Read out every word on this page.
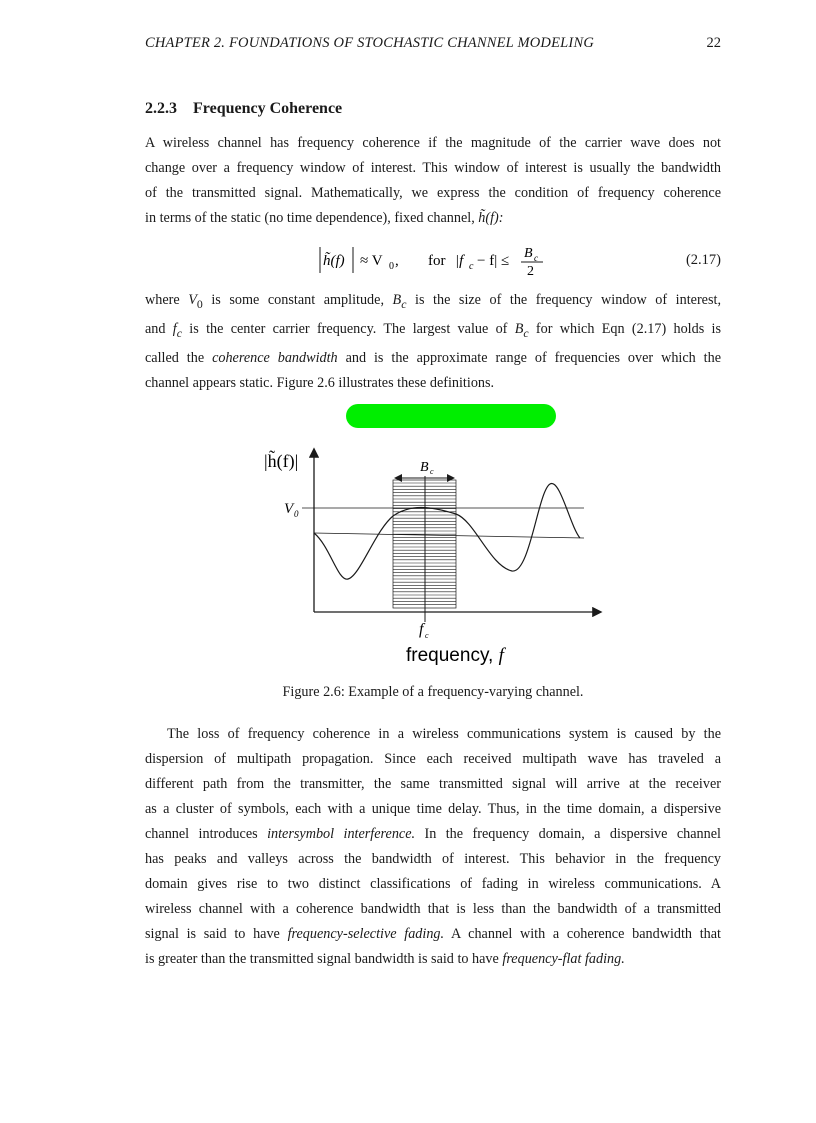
CHAPTER 2. FOUNDATIONS OF STOCHASTIC CHANNEL MODELING	22
2.2.3 Frequency Coherence

A wireless channel has frequency coherence if the magnitude of the carrier wave does not

change over a frequency window of interest. This window of interest is usually the bandwidth

of the transmitted signal. Mathematically, we express the condition of frequency coherence

in terms of the static (no time dependence), fixed channel, h̃(f):

h̃(f) ≈ V 0 , for |f c − f| ≤ B c
2
(2.17)

where $V_0$ is some constant amplitude, $B_c$ is the size of the frequency window of interest,

and $f_c$ is the center carrier frequency. The largest value of $B_c$ for which Eqn (2.17) holds is

called the coherence bandwidth and is the approximate range of frequencies over which the

channel appears static. Figure 2.6 illustrates these definitions.

|h̃(f)|
V 0
B c
f c
frequency, f
Figure 2.6: Example of a frequency-varying channel.

The loss of frequency coherence in a wireless communications system is caused by the

dispersion of multipath propagation. Since each received multipath wave has traveled a

different path from the transmitter, the same transmitted signal will arrive at the receiver

as a cluster of symbols, each with a unique time delay. Thus, in the time domain, a dispersive

channel introduces intersymbol interference. In the frequency domain, a dispersive channel

has peaks and valleys across the bandwidth of interest. This behavior in the frequency

domain gives rise to two distinct classifications of fading in wireless communications. A

wireless channel with a coherence bandwidth that is less than the bandwidth of a transmitted

signal is said to have frequency-selective fading. A channel with a coherence bandwidth that

is greater than the transmitted signal bandwidth is said to have frequency-flat fading.
